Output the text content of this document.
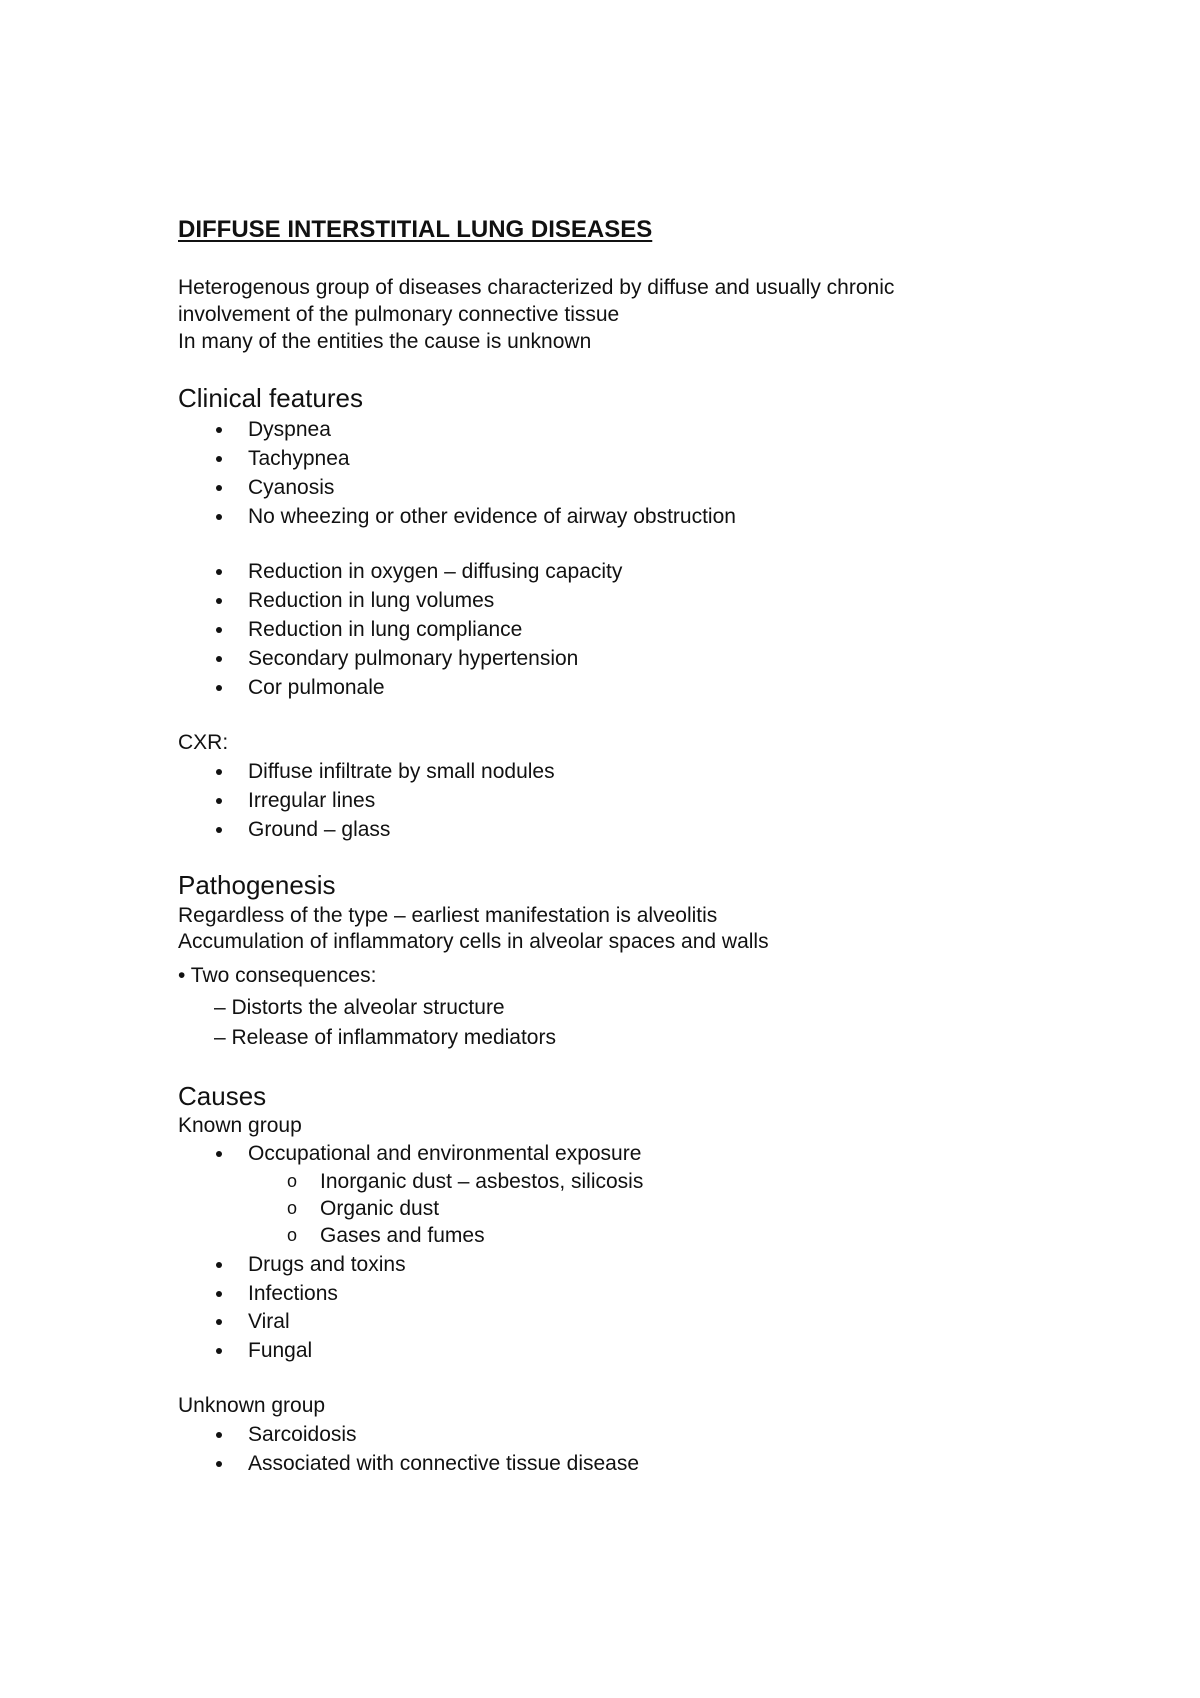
DIFFUSE INTERSTITIAL LUNG DISEASES

Heterogenous group of diseases characterized by diffuse and usually chronic

involvement of the pulmonary connective tissue

In many of the entities the cause is unknown

Clinical features
Dyspnea
Tachypnea
Cyanosis
No wheezing or other evidence of airway obstruction
Reduction in oxygen – diffusing capacity
Reduction in lung volumes
Reduction in lung compliance
Secondary pulmonary hypertension
Cor pulmonale

CXR:

Diffuse infiltrate by small nodules
Irregular lines
Ground – glass
Pathogenesis

Regardless of the type – earliest manifestation is alveolitis

Accumulation of inflammatory cells in alveolar spaces and walls

• Two consequences:

– Distorts the alveolar structure

– Release of inflammatory mediators

Causes

Known group

Occupational and environmental exposure
o Inorganic dust – asbestos, silicosis
o Organic dust
o Gases and fumes
Drugs and toxins
Infections
Viral
Fungal

Unknown group

Sarcoidosis
Associated with connective tissue disease
